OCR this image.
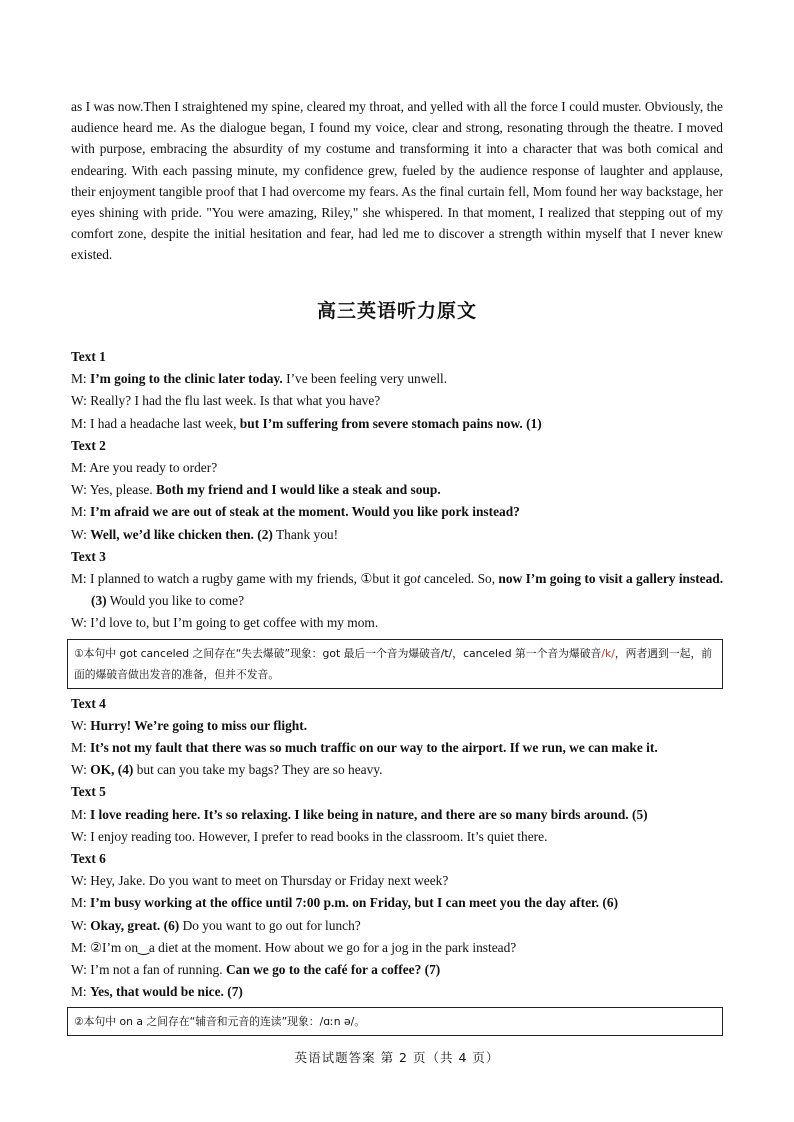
as I was now.Then I straightened my spine, cleared my throat, and yelled with all the force I could muster. Obviously, the audience heard me. As the dialogue began, I found my voice, clear and strong, resonating through the theatre. I moved with purpose, embracing the absurdity of my costume and transforming it into a character that was both comical and endearing. With each passing minute, my confidence grew, fueled by the audience response of laughter and applause, their enjoyment tangible proof that I had overcome my fears. As the final curtain fell, Mom found her way backstage, her eyes shining with pride. "You were amazing, Riley," she whispered. In that moment, I realized that stepping out of my comfort zone, despite the initial hesitation and fear, had led me to discover a strength within myself that I never knew existed.

高三英语听力原文

Text 1

M: I’m going to the clinic later today. I’ve been feeling very unwell.

W: Really? I had the flu last week. Is that what you have?

M: I had a headache last week, but I’m suffering from severe stomach pains now. (1)

Text 2

M: Are you ready to order?

W: Yes, please. Both my friend and I would like a steak and soup.

M: I’m afraid we are out of steak at the moment. Would you like pork instead?

W: Well, we’d like chicken then. (2) Thank you!

Text 3

M: I planned to watch a rugby game with my friends, ①but it got canceled. So, now I’m going to visit a gallery instead. (3) Would you like to come?

W: I’d love to, but I’m going to get coffee with my mom.

①本句中 got canceled 之间存在“失去爆破”现象：got 最后一个音为爆破音/t/，canceled 第一个音为爆破音/k/，两者遇到一起，前面的爆破音做出发音的准备，但并不发音。

Text 4

W: Hurry! We’re going to miss our flight.

M: It’s not my fault that there was so much traffic on our way to the airport. If we run, we can make it.

W: OK, (4) but can you take my bags? They are so heavy.

Text 5

M: I love reading here. It’s so relaxing. I like being in nature, and there are so many birds around. (5)

W: I enjoy reading too. However, I prefer to read books in the classroom. It’s quiet there.

Text 6

W: Hey, Jake. Do you want to meet on Thursday or Friday next week?

M: I’m busy working at the office until 7:00 p.m. on Friday, but I can meet you the day after. (6)

W: Okay, great. (6) Do you want to go out for lunch?

M: ②I’m on‿a diet at the moment. How about we go for a jog in the park instead?

W: I’m not a fan of running. Can we go to the café for a coffee? (7)

M: Yes, that would be nice. (7)

②本句中 on a 之间存在“辅音和元音的连读”现象：/ɑːn ə/。
英语试题答案 第 2 页（共 4 页）
